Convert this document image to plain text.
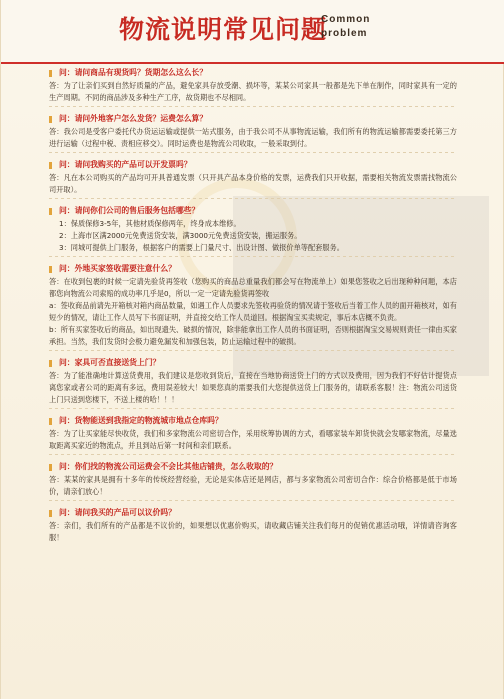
物流说明常见问题
Common
problem
问：请问商品有现货吗？货期怎么这么长？
答：为了让亲们买到自然好质量的产品，避免家具存放受潮、损坏等，某某公司家具一般都是先下单在制作，同时家具有一定的生产周期。不同的商品涉及多种生产工序，故货期也不尽相同。
问：请问外地客户怎么发货？运费怎么算？
答：我公司是受客户委托代办货运运输或提供一站式服务，由于我公司不从事物流运输，我们所有的物流运输都需要委托第三方进行运输（过程中税、责相应移交）。同时运费也是物流公司收取，一般采取到付。
问：请问我购买的产品可以开发票吗？
答：凡在本公司购买的产品均可开具普通发票（只开具产品本身价格的发票，运费我们只开收据，需要相关物流发票需找物流公司开取）。
问：请问你们公司的售后服务包括哪些？
1：保质保修3-5年，其他材质保修两年，终身成本维修。
2：上海市区满2000元免费送货安装，满3000元免费送货安装，搬运服务。
3：同城可提供上门服务，根据客户的需要上门量尺寸、出设计图、做报价单等配套服务。
问：外地买家签收需要注意什么？
答：在收到包裹的时候一定请先验货再签收（您购买的商品总重量我们都会写在物流单上）如果您签收之后出现种种问题，本店都您向物流公司索赔的成功率几乎是0，所以一定一定请先验货再签收
a：签收商品前请先开箱核对箱内商品数量，如遇工作人员要求先签收再验货的情况请于签收后当着工作人员的面开箱核对，如有短少的情况，请让工作人员写下书面证明，并直接交给工作人员道回。根据淘宝买卖规定，事后本店概不负责。
b：所有买家签收后的商品，如出现遗失、破损的情况，除非能拿出工作人员的书面证明，否则根据淘宝交易规则责任一律由买家承担。当然，我们发货时会极力避免漏发和加强包装，防止运输过程中的破损。
问：家具可否直接送货上门？
答：为了能准确地计算送货费用，我们建议是您收到货后，直接在当地协商送货上门的方式以及费用，因为我们不好估计提货点离您家或者公司的距离有多远，费用误差较大！如果您真的需要我们大您提供送货上门服务的，请联系客服！注：物流公司送货上门只送到您楼下，不送上楼的哈！！！
问：货物能送到我指定的物流城市地点仓库吗？
答：为了让买家能尽快收货，我们和多家物流公司密切合作，采用统筹协调的方式，看哪家装车卸货快就会发哪家物流，尽量选取距离买家近的物流点，并且到站后第一时间和亲们联系。
问：你们找的物流公司运费会不会比其他店铺贵，怎么收取的？
答：某某的家具是拥有十多年的传统经营经验，无论是实体店还是网店，都与多家物流公司密切合作：综合价格都是低于市场价，请亲们放心！
问：请问我买的产品可以议价吗？
答：亲们，我们所有的产品都是不议价的，如果想以优惠价购买，请收藏店铺关注我们每月的促销优惠活动哦，详情请咨询客服！
